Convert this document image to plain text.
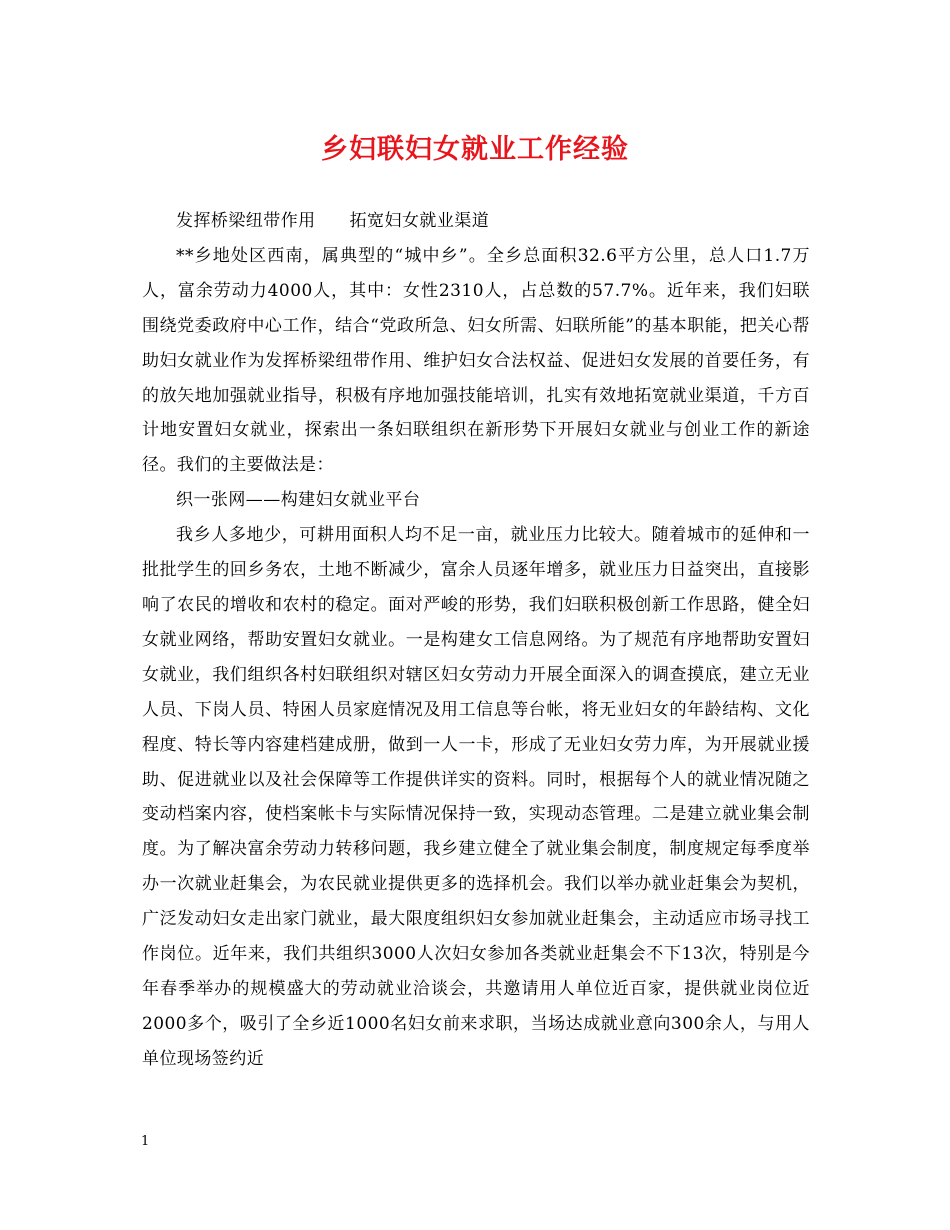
乡妇联妇女就业工作经验

发挥桥梁纽带作用 拓宽妇女就业渠道

**乡地处区西南，属典型的“城中乡”。全乡总面积32.6平方公里，总人口1.7万人，富余劳动力4000人，其中：女性2310人，占总数的57.7%。近年来，我们妇联围绕党委政府中心工作，结合“党政所急、妇女所需、妇联所能”的基本职能，把关心帮助妇女就业作为发挥桥梁纽带作用、维护妇女合法权益、促进妇女发展的首要任务，有的放矢地加强就业指导，积极有序地加强技能培训，扎实有效地拓宽就业渠道，千方百计地安置妇女就业，探索出一条妇联组织在新形势下开展妇女就业与创业工作的新途径。我们的主要做法是：

织一张网——构建妇女就业平台

我乡人多地少，可耕用面积人均不足一亩，就业压力比较大。随着城市的延伸和一批批学生的回乡务农，土地不断减少，富余人员逐年增多，就业压力日益突出，直接影响了农民的增收和农村的稳定。面对严峻的形势，我们妇联积极创新工作思路，健全妇女就业网络，帮助安置妇女就业。一是构建女工信息网络。为了规范有序地帮助安置妇女就业，我们组织各村妇联组织对辖区妇女劳动力开展全面深入的调查摸底，建立无业人员、下岗人员、特困人员家庭情况及用工信息等台帐，将无业妇女的年龄结构、文化程度、特长等内容建档建成册，做到一人一卡，形成了无业妇女劳力库，为开展就业援助、促进就业以及社会保障等工作提供详实的资料。同时，根据每个人的就业情况随之变动档案内容，使档案帐卡与实际情况保持一致，实现动态管理。二是建立就业集会制度。为了解决富余劳动力转移问题，我乡建立健全了就业集会制度，制度规定每季度举办一次就业赶集会，为农民就业提供更多的选择机会。我们以举办就业赶集会为契机，广泛发动妇女走出家门就业，最大限度组织妇女参加就业赶集会，主动适应市场寻找工作岗位。近年来，我们共组织3000人次妇女参加各类就业赶集会不下13次，特别是今年春季举办的规模盛大的劳动就业洽谈会，共邀请用人单位近百家，提供就业岗位近2000多个，吸引了全乡近1000名妇女前来求职，当场达成就业意向300余人，与用人单位现场签约近

1
